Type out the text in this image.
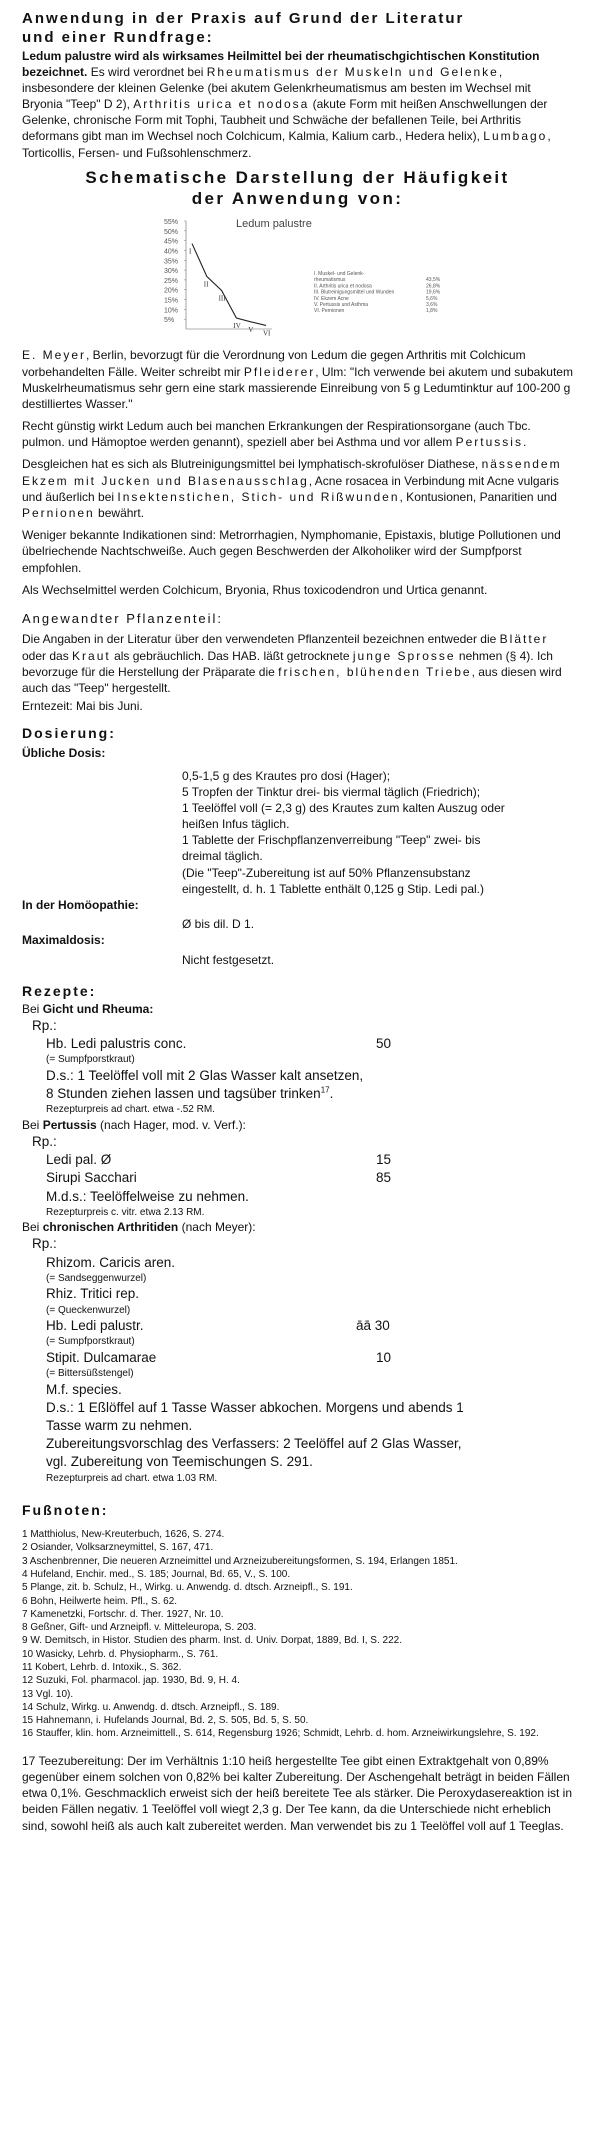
Anwendung in der Praxis auf Grund der Literatur
und einer Rundfrage:

Ledum palustre wird als wirksames Heilmittel bei der rheumatischgichtischen Konstitution bezeichnet. Es wird verordnet bei Rheumatismus der Muskeln und Gelenke, insbesondere der kleinen Gelenke (bei akutem Gelenkrheumatismus am besten im Wechsel mit Bryonia "Teep" D 2), Arthritis urica et nodosa (akute Form mit heißen Anschwellungen der Gelenke, chronische Form mit Tophi, Taubheit und Schwäche der befallenen Teile, bei Arthritis deformans gibt man im Wechsel noch Colchicum, Kalmia, Kalium carb., Hedera helix), Lumbago, Torticollis, Fersen- und Fußsohlenschmerz.

Schematische Darstellung der Häufigkeit
der Anwendung von:
Ledum palustre
55%
50%
45%
40%
35%
30%
25%
20%
15%
10%
5%
I
II
III
IV V VI
I. Muskel- und Gelenk-
rheumatismus	43,5%
II. Arthritis urica et nodosa	26,8%
III. Blutreinigungsmittel und Wunden	19,6%
IV. Ekzem Acne	5,6%
V. Pertussis und Asthma	3,6%
VI. Pernionen	1,8%

E. Meyer, Berlin, bevorzugt für die Verordnung von Ledum die gegen Arthritis mit Colchicum vorbehandelten Fälle. Weiter schreibt mir Pfleiderer, Ulm: "Ich verwende bei akutem und subakutem Muskelrheumatismus sehr gern eine stark massierende Einreibung von 5 g Ledumtinktur auf 100-200 g destilliertes Wasser."

Recht günstig wirkt Ledum auch bei manchen Erkrankungen der Respirationsorgane (auch Tbc. pulmon. und Hämoptoe werden genannt), speziell aber bei Asthma und vor allem Pertussis.

Desgleichen hat es sich als Blutreinigungsmittel bei lymphatisch-skrofulöser Diathese, nässendem Ekzem mit Jucken und Blasenausschlag, Acne rosacea in Verbindung mit Acne vulgaris und äußerlich bei Insektenstichen, Stich- und Rißwunden, Kontusionen, Panaritien und Pernionen bewährt.

Weniger bekannte Indikationen sind: Metrorrhagien, Nymphomanie, Epistaxis, blutige Pollutionen und übelriechende Nachtschweiße. Auch gegen Beschwerden der Alkoholiker wird der Sumpfporst empfohlen.

Als Wechselmittel werden Colchicum, Bryonia, Rhus toxicodendron und Urtica genannt.

Angewandter Pflanzenteil:

Die Angaben in der Literatur über den verwendeten Pflanzenteil bezeichnen entweder die Blätter oder das Kraut als gebräuchlich. Das HAB. läßt getrocknete junge Sprosse nehmen (§ 4). Ich bevorzuge für die Herstellung der Präparate die frischen, blühenden Triebe, aus diesen wird auch das "Teep" hergestellt.

Erntezeit: Mai bis Juni.

Dosierung:
Übliche Dosis:
0,5-1,5 g des Krautes pro dosi (Hager);
5 Tropfen der Tinktur drei- bis viermal täglich (Friedrich);
1 Teelöffel voll (= 2,3 g) des Krautes zum kalten Auszug oder
heißen Infus täglich.
1 Tablette der Frischpflanzenverreibung "Teep" zwei- bis
dreimal täglich.
(Die "Teep"-Zubereitung ist auf 50% Pflanzensubstanz
eingestellt, d. h. 1 Tablette enthält 0,125 g Stip. Ledi pal.)
In der Homöopathie:
Ø bis dil. D 1.
Maximaldosis:
Nicht festgesetzt.
Rezepte:
Bei Gicht und Rheuma:
Rp.:
Hb. Ledi palustris conc.	50
(= Sumpfporstkraut)
D.s.: 1 Teelöffel voll mit 2 Glas Wasser kalt ansetzen,
8 Stunden ziehen lassen und tagsüber trinken$^{17}$.
Rezepturpreis ad chart. etwa -.52 RM.
Bei Pertussis (nach Hager, mod. v. Verf.):
Rp.:
Ledi pal. Ø	15
Sirupi Sacchari	85
M.d.s.: Teelöffelweise zu nehmen.
Rezepturpreis c. vitr. etwa 2.13 RM.
Bei chronischen Arthritiden (nach Meyer):
Rp.:
Rhizom. Caricis aren.
(= Sandseggenwurzel)
Rhiz. Tritici rep.
(= Queckenwurzel)
Hb. Ledi palustr.	āā 30
(= Sumpfporstkraut)
Stipit. Dulcamarae	10
(= Bittersüßstengel)
M.f. species.
D.s.: 1 Eßlöffel auf 1 Tasse Wasser abkochen. Morgens und abends 1
Tasse warm zu nehmen.
Zubereitungsvorschlag des Verfassers: 2 Teelöffel auf 2 Glas Wasser,
vgl. Zubereitung von Teemischungen S. 291.
Rezepturpreis ad chart. etwa 1.03 RM.
Fußnoten:
1 Matthiolus, New-Kreuterbuch, 1626, S. 274.
2 Osiander, Volksarzneymittel, S. 167, 471.
3 Aschenbrenner, Die neueren Arzneimittel und Arzneizubereitungsformen, S. 194, Erlangen 1851.
4 Hufeland, Enchir. med., S. 185; Journal, Bd. 65, V., S. 100.
5 Plange, zit. b. Schulz, H., Wirkg. u. Anwendg. d. dtsch. Arzneipfl., S. 191.
6 Bohn, Heilwerte heim. Pfl., S. 62.
7 Kamenetzki, Fortschr. d. Ther. 1927, Nr. 10.
8 Geßner, Gift- und Arzneipfl. v. Mitteleuropa, S. 203.
9 W. Demitsch, in Histor. Studien des pharm. Inst. d. Univ. Dorpat, 1889, Bd. I, S. 222.
10 Wasicky, Lehrb. d. Physiopharm., S. 761.
11 Kobert, Lehrb. d. Intoxik., S. 362.
12 Suzuki, Fol. pharmacol. jap. 1930, Bd. 9, H. 4.
13 Vgl. 10).
14 Schulz, Wirkg. u. Anwendg. d. dtsch. Arzneipfl., S. 189.
15 Hahnemann, i. Hufelands Journal, Bd. 2, S. 505, Bd. 5, S. 50.
16 Stauffer, klin. hom. Arzneimittell., S. 614, Regensburg 1926; Schmidt, Lehrb. d. hom. Arzneiwirkungslehre, S. 192.

17 Teezubereitung: Der im Verhältnis 1:10 heiß hergestellte Tee gibt einen Extraktgehalt von 0,89% gegenüber einem solchen von 0,82% bei kalter Zubereitung. Der Aschengehalt beträgt in beiden Fällen etwa 0,1%. Geschmacklich erweist sich der heiß bereitete Tee als stärker. Die Peroxydasereaktion ist in beiden Fällen negativ. 1 Teelöffel voll wiegt 2,3 g. Der Tee kann, da die Unterschiede nicht erheblich sind, sowohl heiß als auch kalt zubereitet werden. Man verwendet bis zu 1 Teelöffel voll auf 1 Teeglas.
